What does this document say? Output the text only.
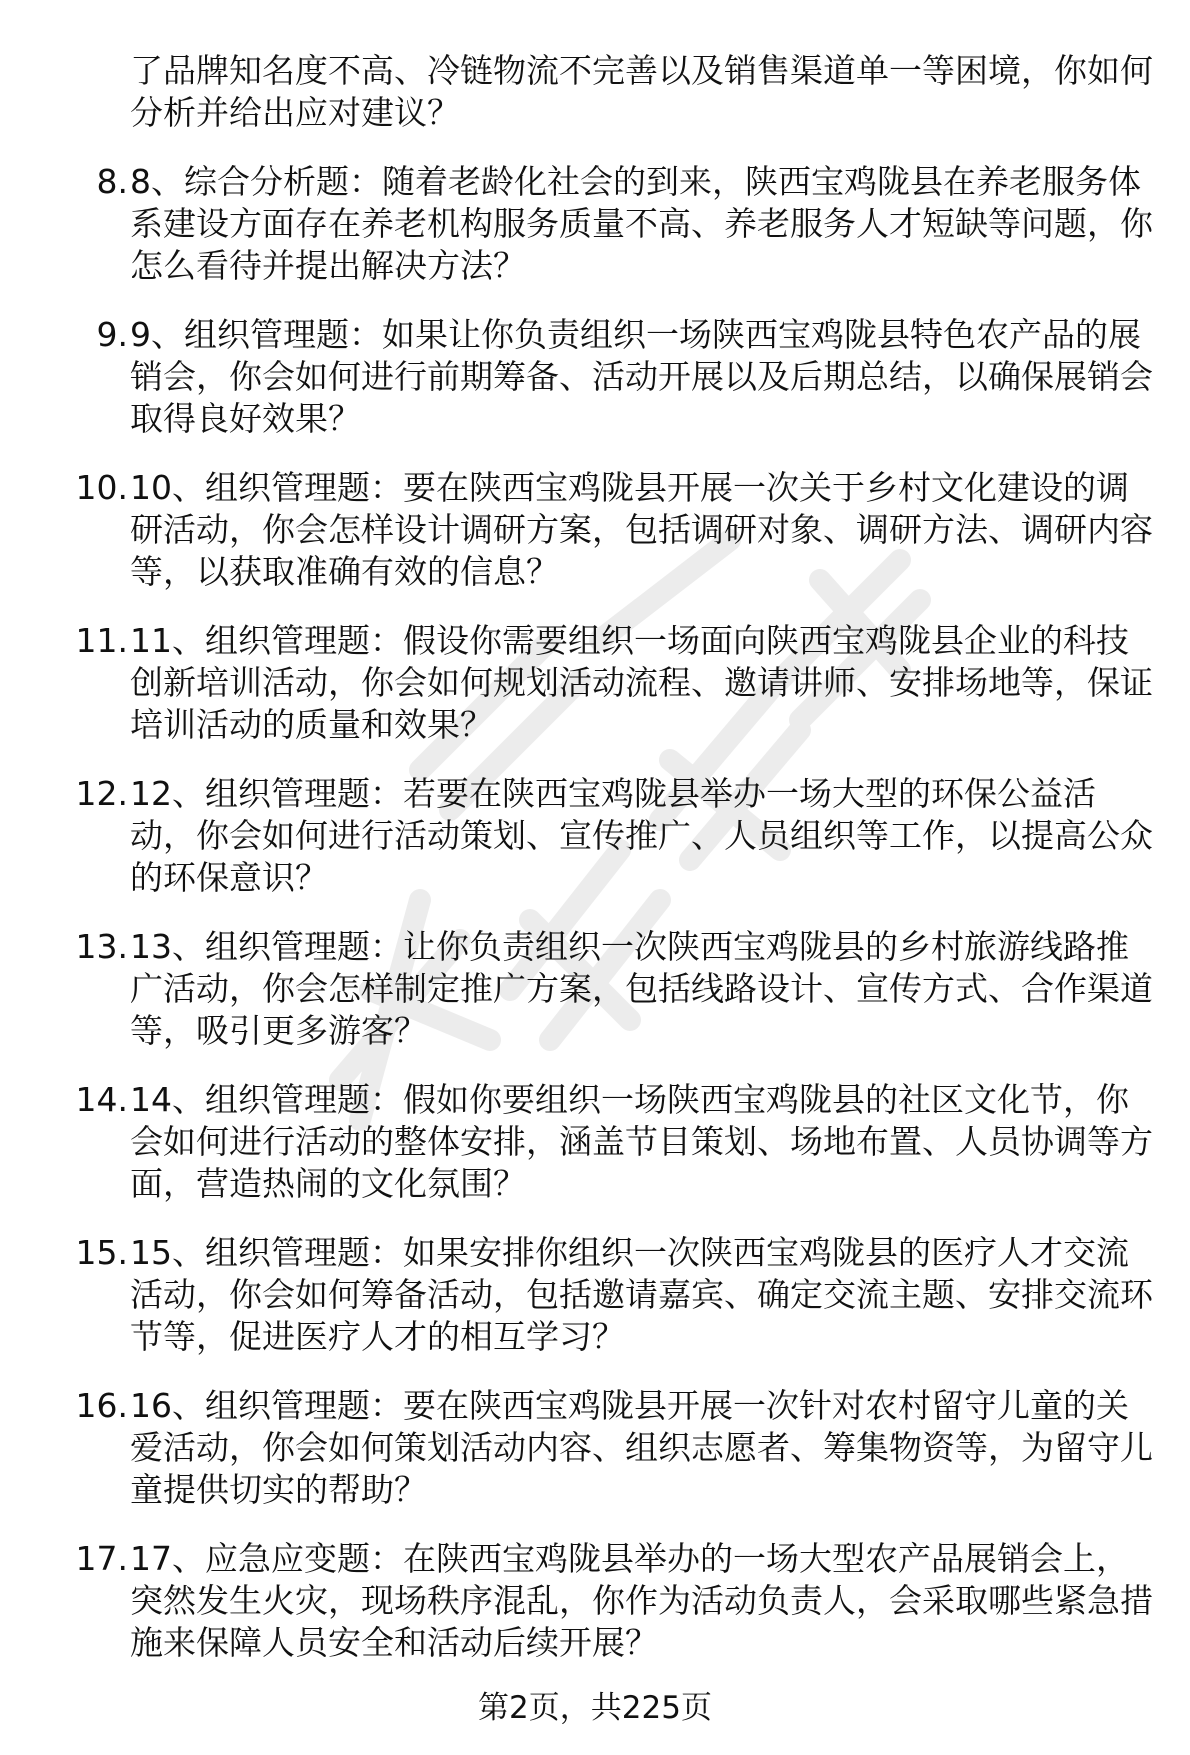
了品牌知名度不高、冷链物流不完善以及销售渠道单一等困境，你如何分析并给出应对建议？
8. 8、综合分析题：随着老龄化社会的到来，陕西宝鸡陇县在养老服务体系建设方面存在养老机构服务质量不高、养老服务人才短缺等问题，你怎么看待并提出解决方法？
9. 9、组织管理题：如果让你负责组织一场陕西宝鸡陇县特色农产品的展销会，你会如何进行前期筹备、活动开展以及后期总结，以确保展销会取得良好效果？
10. 10、组织管理题：要在陕西宝鸡陇县开展一次关于乡村文化建设的调研活动，你会怎样设计调研方案，包括调研对象、调研方法、调研内容等，以获取准确有效的信息？
11. 11、组织管理题：假设你需要组织一场面向陕西宝鸡陇县企业的科技创新培训活动，你会如何规划活动流程、邀请讲师、安排场地等，保证培训活动的质量和效果？
12. 12、组织管理题：若要在陕西宝鸡陇县举办一场大型的环保公益活动，你会如何进行活动策划、宣传推广、人员组织等工作，以提高公众的环保意识？
13. 13、组织管理题：让你负责组织一次陕西宝鸡陇县的乡村旅游线路推广活动，你会怎样制定推广方案，包括线路设计、宣传方式、合作渠道等，吸引更多游客？
14. 14、组织管理题：假如你要组织一场陕西宝鸡陇县的社区文化节，你会如何进行活动的整体安排，涵盖节目策划、场地布置、人员协调等方面，营造热闹的文化氛围？
15. 15、组织管理题：如果安排你组织一次陕西宝鸡陇县的医疗人才交流活动，你会如何筹备活动，包括邀请嘉宾、确定交流主题、安排交流环节等，促进医疗人才的相互学习？
16. 16、组织管理题：要在陕西宝鸡陇县开展一次针对农村留守儿童的关爱活动，你会如何策划活动内容、组织志愿者、筹集物资等，为留守儿童提供切实的帮助？
17. 17、应急应变题：在陕西宝鸡陇县举办的一场大型农产品展销会上，突然发生火灾，现场秩序混乱，你作为活动负责人，会采取哪些紧急措施来保障人员安全和活动后续开展？
第2页，共225页
